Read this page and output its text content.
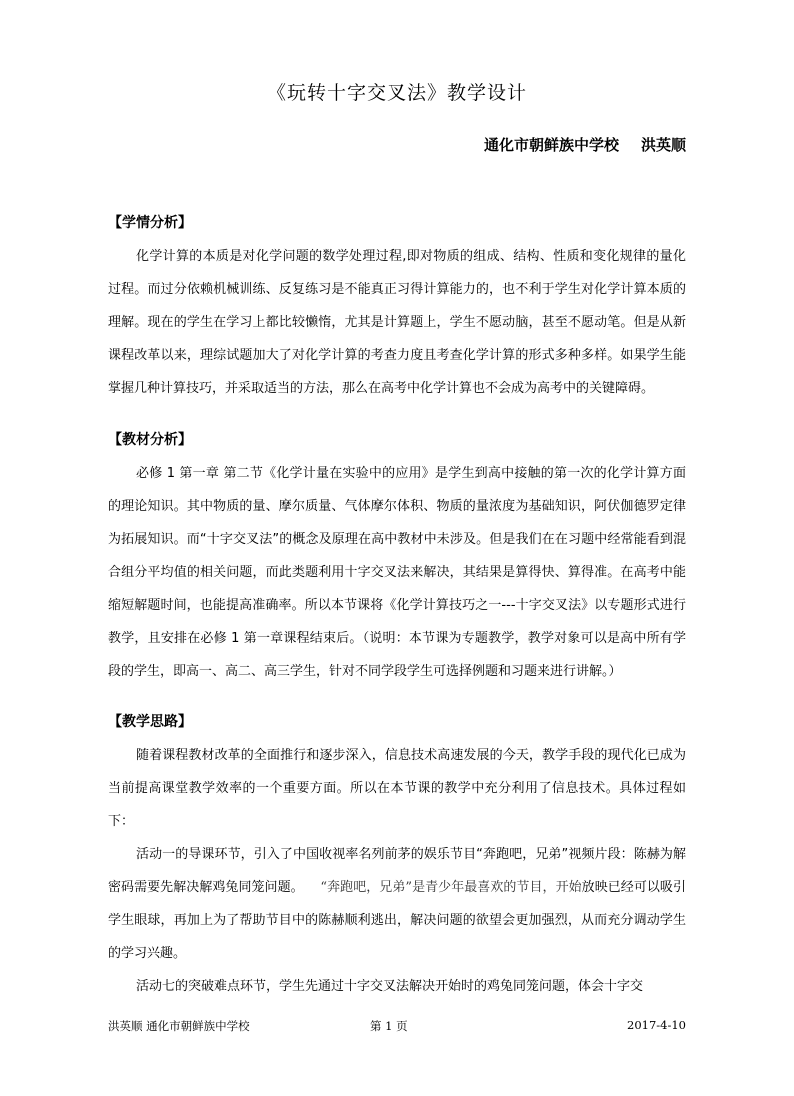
《玩转十字交叉法》教学设计
通化市朝鲜族中学校 洪英顺
【学情分析】

化学计算的本质是对化学问题的数学处理过程,即对物质的组成、结构、性质和变化规律的量化过程。而过分依赖机械训练、反复练习是不能真正习得计算能力的，也不利于学生对化学计算本质的理解。现在的学生在学习上都比较懒惰，尤其是计算题上，学生不愿动脑，甚至不愿动笔。但是从新课程改革以来，理综试题加大了对化学计算的考查力度且考查化学计算的形式多种多样。如果学生能掌握几种计算技巧，并采取适当的方法，那么在高考中化学计算也不会成为高考中的关键障碍。

【教材分析】

必修 1 第一章 第二节《化学计量在实验中的应用》是学生到高中接触的第一次的化学计算方面的理论知识。其中物质的量、摩尔质量、气体摩尔体积、物质的量浓度为基础知识，阿伏伽德罗定律为拓展知识。而“十字交叉法”的概念及原理在高中教材中未涉及。但是我们在在习题中经常能看到混合组分平均值的相关问题，而此类题利用十字交叉法来解决，其结果是算得快、算得准。在高考中能缩短解题时间，也能提高准确率。所以本节课将《化学计算技巧之一---十字交叉法》以专题形式进行教学，且安排在必修 1 第一章课程结束后。（说明：本节课为专题教学，教学对象可以是高中所有学段的学生，即高一、高二、高三学生，针对不同学段学生可选择例题和习题来进行讲解。）

【教学思路】

随着课程教材改革的全面推行和逐步深入，信息技术高速发展的今天，教学手段的现代化已成为当前提高课堂教学效率的一个重要方面。所以在本节课的教学中充分利用了信息技术。具体过程如下：

活动一的导课环节，引入了中国收视率名列前茅的娱乐节目“奔跑吧，兄弟”视频片段：陈赫为解密码需要先解决解鸡兔同笼问题。 “奔跑吧，兄弟”是青少年最喜欢的节目，开始放映已经可以吸引学生眼球，再加上为了帮助节目中的陈赫顺利逃出，解决问题的欲望会更加强烈，从而充分调动学生的学习兴趣。

活动七的突破难点环节，学生先通过十字交叉法解决开始时的鸡兔同笼问题，体会十字交

洪英顺 通化市朝鲜族中学校	第 1 页	2017-4-10
